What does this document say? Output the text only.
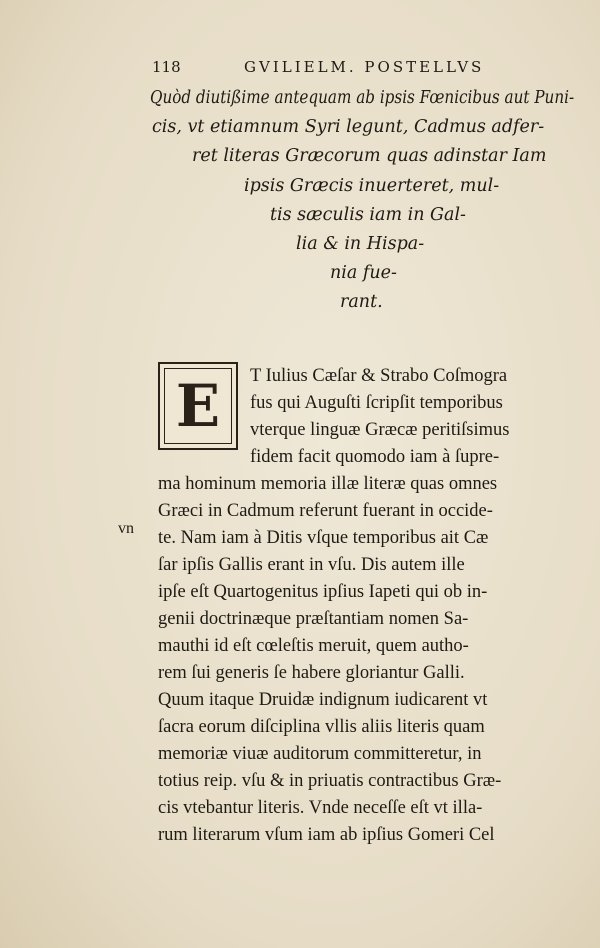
118	GVILIELM. POSTELLVS
Quòd diutißime antequam ab ipsis Fœnicibus aut Puni-
cis, vt etiamnum Syri legunt, Cadmus adfer-
ret literas Græcorum quas adinstar Iam
ipsis Græcis inuerteret, mul-
tis sæculis iam in Gal-
lia & in Hispa-
nia fue-
rant.
E	T Iulius Cæſar & Strabo Coſmogra
fus qui Auguſti ſcripſit temporibus
vterque linguæ Græcæ peritiſsimus
fidem facit quomodo iam à ſupre-
ma hominum memoria illæ literæ quas omnes
Græci in Cadmum referunt fuerant in occide-
te. Nam iam à Ditis vſque temporibus ait Cæ
ſar ipſis Gallis erant in vſu. Dis autem ille
ipſe eſt Quartogenitus ipſius Iapeti qui ob in-
genii doctrinæque præſtantiam nomen Sa-
mauthi id eſt cœleſtis meruit, quem autho-
rem ſui generis ſe habere gloriantur Galli.
Quum itaque Druidæ indignum iudicarent vt
ſacra eorum diſciplina vllis aliis literis quam
memoriæ viuæ auditorum committeretur, in
totius reip. vſu & in priuatis contractibus Græ-
cis vtebantur literis. Vnde neceſſe eſt vt illa-
rum literarum vſum iam ab ipſius Gomeri Cel
vn
